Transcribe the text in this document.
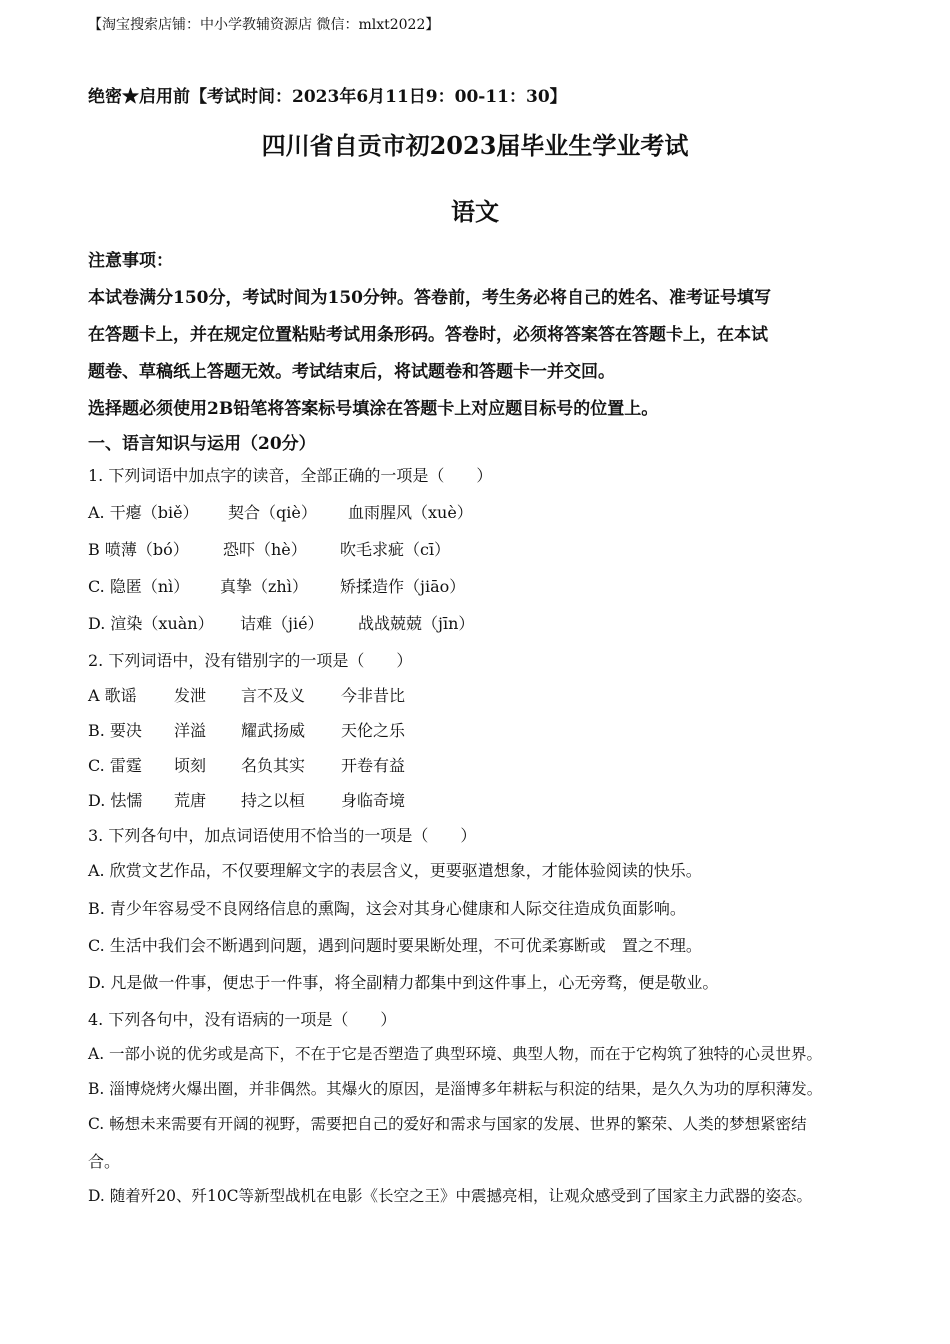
【淘宝搜索店铺：中小学教辅资源店 微信：mlxt2022】
绝密★启用前【考试时间：2023年6月11日9：00-11：30】
四川省自贡市初2023届毕业生学业考试
语文
注意事项：
本试卷满分150分，考试时间为150分钟。答卷前，考生务必将自己的姓名、准考证号填写
在答题卡上，并在规定位置粘贴考试用条形码。答卷时，必须将答案答在答题卡上，在本试
题卷、草稿纸上答题无效。考试结束后，将试题卷和答题卡一并交回。
选择题必须使用2B铅笔将答案标号填涂在答题卡上对应题目标号的位置上。
一、语言知识与运用（20分）
1. 下列词语中加点字的读音，全部正确的一项是（　　）
A. 干瘪（biě） 契合（qiè） 血雨腥风（xuè）
B 喷薄（bó） 恐吓（hè） 吹毛求疵（cī）
C. 隐匿（nì） 真挚（zhì） 矫揉造作（jiāo）
D. 渲染（xuàn） 诘难（jié） 战战兢兢（jīn）
2. 下列词语中，没有错别字的一项是（　　）
A 歌谣 发泄 言不及义 今非昔比
B. 要决 洋溢 耀武扬威 天伦之乐
C. 雷霆 顷刻 名负其实 开卷有益
D. 怯懦 荒唐 持之以桓 身临奇境
3. 下列各句中，加点词语使用不恰当的一项是（　　）
A. 欣赏文艺作品，不仅要理解文字的表层含义，更要驱遣想象，才能体验阅读的快乐。
B. 青少年容易受不良网络信息的熏陶，这会对其身心健康和人际交往造成负面影响。
C. 生活中我们会不断遇到问题，遇到问题时要果断处理，不可优柔寡断或　置之不理。
D. 凡是做一件事，便忠于一件事，将全副精力都集中到这件事上，心无旁骛，便是敬业。
4. 下列各句中，没有语病的一项是（　　）
A. 一部小说的优劣或是高下，不在于它是否塑造了典型环境、典型人物，而在于它构筑了独特的心灵世界。
B. 淄博烧烤火爆出圈，并非偶然。其爆火的原因，是淄博多年耕耘与积淀的结果，是久久为功的厚积薄发。
C. 畅想未来需要有开阔的视野，需要把自己的爱好和需求与国家的发展、世界的繁荣、人类的梦想紧密结
合。
D. 随着歼20、歼10C等新型战机在电影《长空之王》中震撼亮相，让观众感受到了国家主力武器的姿态。
